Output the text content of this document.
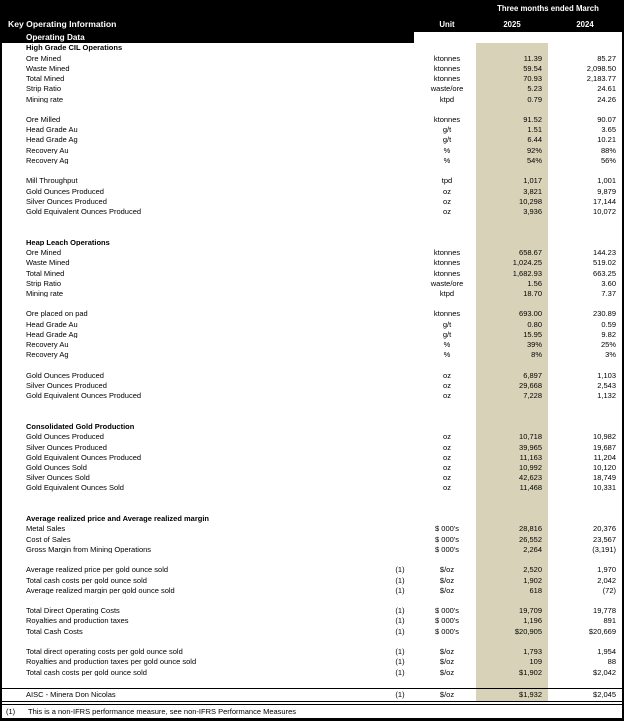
Three months ended March
Key Operating Information	Unit	2025	2024
Operating Data
High Grade CIL Operations
Ore Mined	ktonnes	11.39	85.27
Waste Mined	ktonnes	59.54	2,098.50
Total Mined	ktonnes	70.93	2,183.77
Strip Ratio	waste/ore	5.23	24.61
Mining rate	ktpd	0.79	24.26
Ore Milled	ktonnes	91.52	90.07
Head Grade Au	g/t	1.51	3.65
Head Grade Ag	g/t	6.44	10.21
Recovery Au	%	92%	88%
Recovery Ag	%	54%	56%
Mill Throughput	tpd	1,017	1,001
Gold Ounces Produced	oz	3,821	9,879
Silver Ounces Produced	oz	10,298	17,144
Gold Equivalent Ounces Produced	oz	3,936	10,072
Heap Leach Operations
Ore Mined	ktonnes	658.67	144.23
Waste Mined	ktonnes	1,024.25	519.02
Total Mined	ktonnes	1,682.93	663.25
Strip Ratio	waste/ore	1.56	3.60
Mining rate	ktpd	18.70	7.37
Ore placed on pad	ktonnes	693.00	230.89
Head Grade Au	g/t	0.80	0.59
Head Grade Ag	g/t	15.95	9.82
Recovery Au	%	39%	25%
Recovery Ag	%	8%	3%
Gold Ounces Produced	oz	6,897	1,103
Silver Ounces Produced	oz	29,668	2,543
Gold Equivalent Ounces Produced	oz	7,228	1,132
Consolidated Gold Production
Gold Ounces Produced	oz	10,718	10,982
Silver Ounces Produced	oz	39,965	19,687
Gold Equivalent Ounces Produced	oz	11,163	11,204
Gold Ounces Sold	oz	10,992	10,120
Silver Ounces Sold	oz	42,623	18,749
Gold Equivalent Ounces Sold	oz	11,468	10,331
Average realized price and Average realized margin
Metal Sales	$ 000's	28,816	20,376
Cost of Sales	$ 000's	26,552	23,567
Gross Margin from Mining Operations	$ 000's	2,264	(3,191)
Average realized price per gold ounce sold	(1)	$/oz	2,520	1,970
Total cash costs per gold ounce sold	(1)	$/oz	1,902	2,042
Average realized margin per gold ounce sold	(1)	$/oz	618	(72)
Total Direct Operating Costs	(1)	$ 000's	19,709	19,778
Royalties and production taxes	(1)	$ 000's	1,196	891
Total Cash Costs	(1)	$ 000's	$20,905	$20,669
Total direct operating costs per gold ounce sold	(1)	$/oz	1,793	1,954
Royalties and production taxes per gold ounce sold	(1)	$/oz	109	88
Total cash costs per gold ounce sold	(1)	$/oz	$1,902	$2,042
AISC - Minera Don Nicolas	(1)	$/oz	$1,932	$2,045
(1)	This is a non-IFRS performance measure, see non-IFRS Performance Measures
